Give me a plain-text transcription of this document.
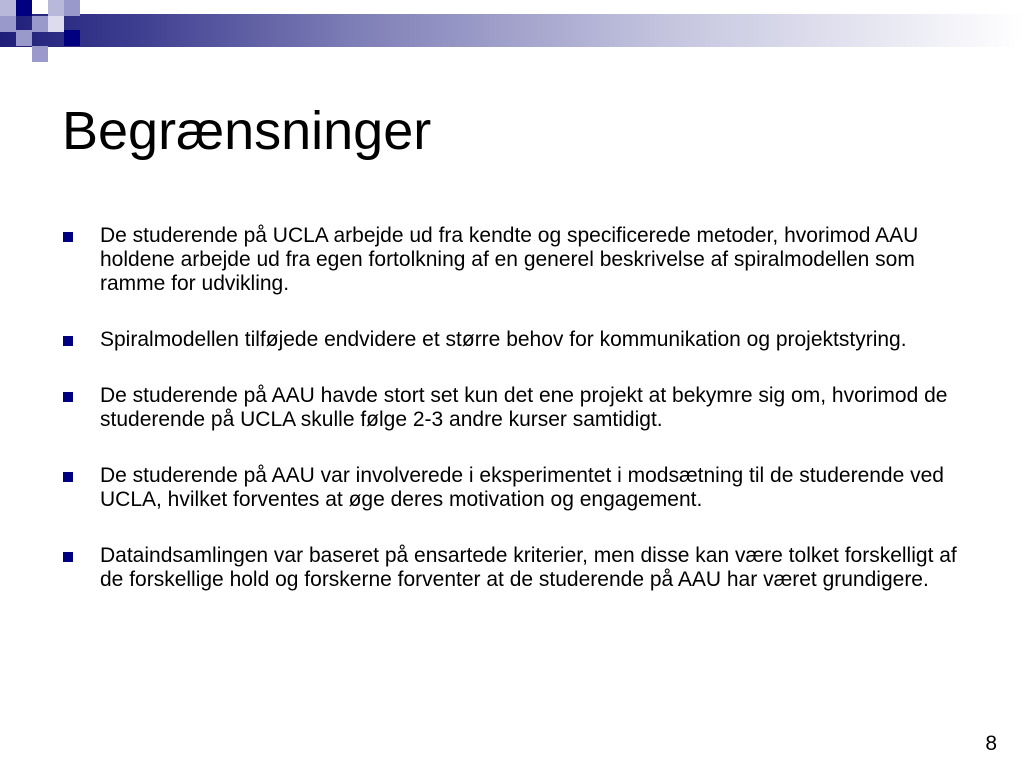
Begrænsninger
De studerende på UCLA arbejde ud fra kendte og specificerede metoder, hvorimod AAU holdene arbejde ud fra egen fortolkning af en generel beskrivelse af spiralmodellen som ramme for udvikling.
Spiralmodellen tilføjede endvidere et større behov for kommunikation og projektstyring.
De studerende på AAU havde stort set kun det ene projekt at bekymre sig om, hvorimod de studerende på UCLA skulle følge 2-3 andre kurser samtidigt.
De studerende på AAU var involverede i eksperimentet i modsætning til de studerende ved UCLA, hvilket forventes at øge deres motivation og engagement.
Dataindsamlingen var baseret på ensartede kriterier, men disse kan være tolket forskelligt af de forskellige hold og forskerne forventer at de studerende på AAU har været grundigere.
8
